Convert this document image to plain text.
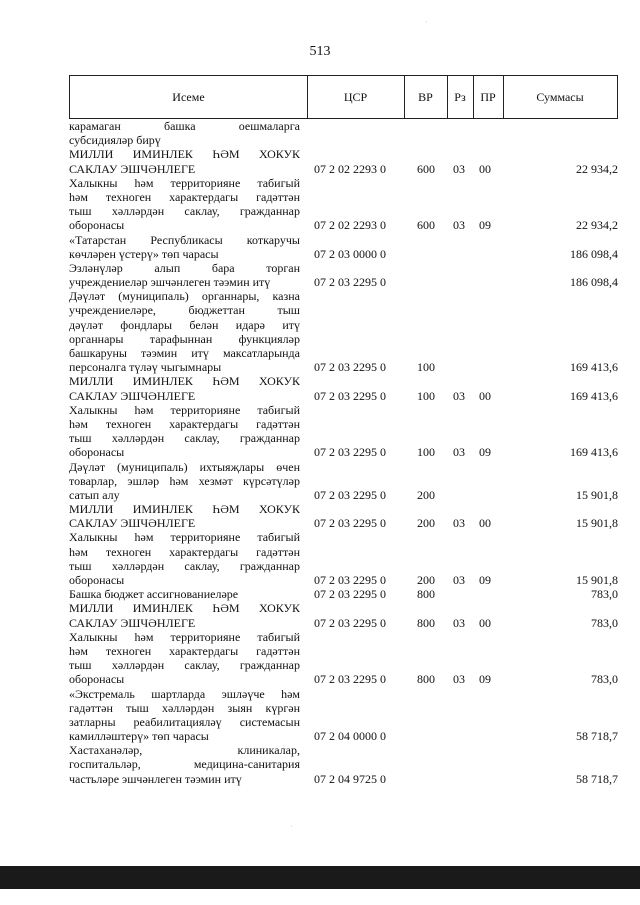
513
Исеме	ЦСР	ВР	Рз	ПР	Суммасы
карамаган башка оешмаларга
субсидияләр бирү
МИЛЛИ ИМИНЛЕК ҺӘМ ХОКУК
САКЛАУ ЭШЧӘНЛЕГЕ	07 2 02 2293 0	600 03 00	22 934,2
Халыкны һәм территорияне табигый
һәм техноген характердагы гадәттән
тыш хәлләрдән саклау, гражданнар
оборонасы	07 2 02 2293 0	600 03 09	22 934,2
«Татарстан Республикасы коткаручы
көчләрен үстерү» төп чарасы	07 2 03 0000 0	186 098,4
Эзләнүләр алып бара торган
учреждениеләр эшчәнлеген тәэмин итү	07 2 03 2295 0	186 098,4
Дәүләт (муниципаль) органнары, казна
учреждениеләре, бюджеттан тыш
дәүләт фондлары белән идарә итү
органнары тарафыннан функцияләр
башкаруны тәэмин итү максатларында
персоналга түләү чыгымнары	07 2 03 2295 0	100	169 413,6
МИЛЛИ ИМИНЛЕК ҺӘМ ХОКУК
САКЛАУ ЭШЧӘНЛЕГЕ	07 2 03 2295 0	100 03 00	169 413,6
Халыкны һәм территорияне табигый
һәм техноген характердагы гадәттән
тыш хәлләрдән саклау, гражданнар
оборонасы	07 2 03 2295 0	100 03 09	169 413,6
Дәүләт (муниципаль) ихтыяҗлары өчен
товарлар, эшләр һәм хезмәт күрсәтүләр
сатып алу	07 2 03 2295 0	200	15 901,8
МИЛЛИ ИМИНЛЕК ҺӘМ ХОКУК
САКЛАУ ЭШЧӘНЛЕГЕ	07 2 03 2295 0	200 03 00	15 901,8
Халыкны һәм территорияне табигый
һәм техноген характердагы гадәттән
тыш хәлләрдән саклау, гражданнар
оборонасы	07 2 03 2295 0	200 03 09	15 901,8
Башка бюджет ассигнованиеләре	07 2 03 2295 0	800	783,0
МИЛЛИ ИМИНЛЕК ҺӘМ ХОКУК
САКЛАУ ЭШЧӘНЛЕГЕ	07 2 03 2295 0	800 03 00	783,0
Халыкны һәм территорияне табигый
һәм техноген характердагы гадәттән
тыш хәлләрдән саклау, гражданнар
оборонасы	07 2 03 2295 0	800 03 09	783,0
«Экстремаль шартларда эшләүче һәм
гадәттән тыш хәлләрдән зыян күргән
затларны реабилитацияләү системасын
камилләштерү» төп чарасы	07 2 04 0000 0	58 718,7
Хастаханәләр, клиникалар,
госпитальләр, медицина-санитария
частьләре эшчәнлеген тәэмин итү	07 2 04 9725 0	58 718,7
·
·
